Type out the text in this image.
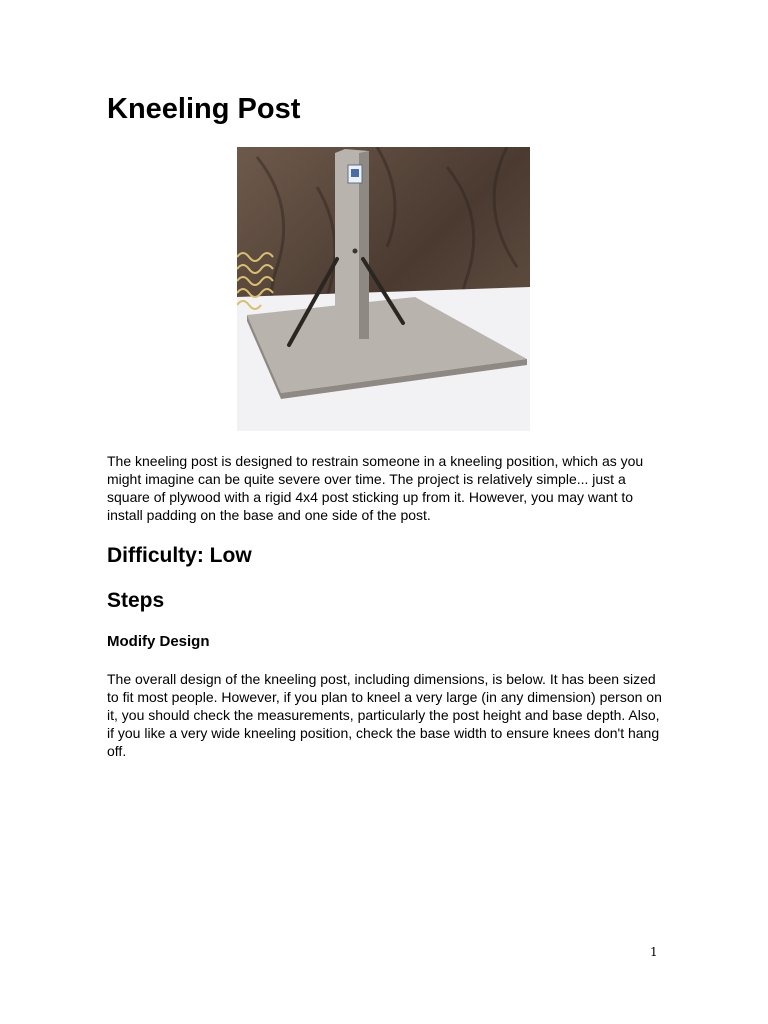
Kneeling Post

The kneeling post is designed to restrain someone in a kneeling position, which as you might imagine can be quite severe over time. The project is relatively simple... just a square of plywood with a rigid 4x4 post sticking up from it. However, you may want to install padding on the base and one side of the post.

Difficulty: Low
Steps
Modify Design

The overall design of the kneeling post, including dimensions, is below. It has been sized to fit most people. However, if you plan to kneel a very large (in any dimension) person on it, you should check the measurements, particularly the post height and base depth. Also, if you like a very wide kneeling position, check the base width to ensure knees don't hang off.

1
